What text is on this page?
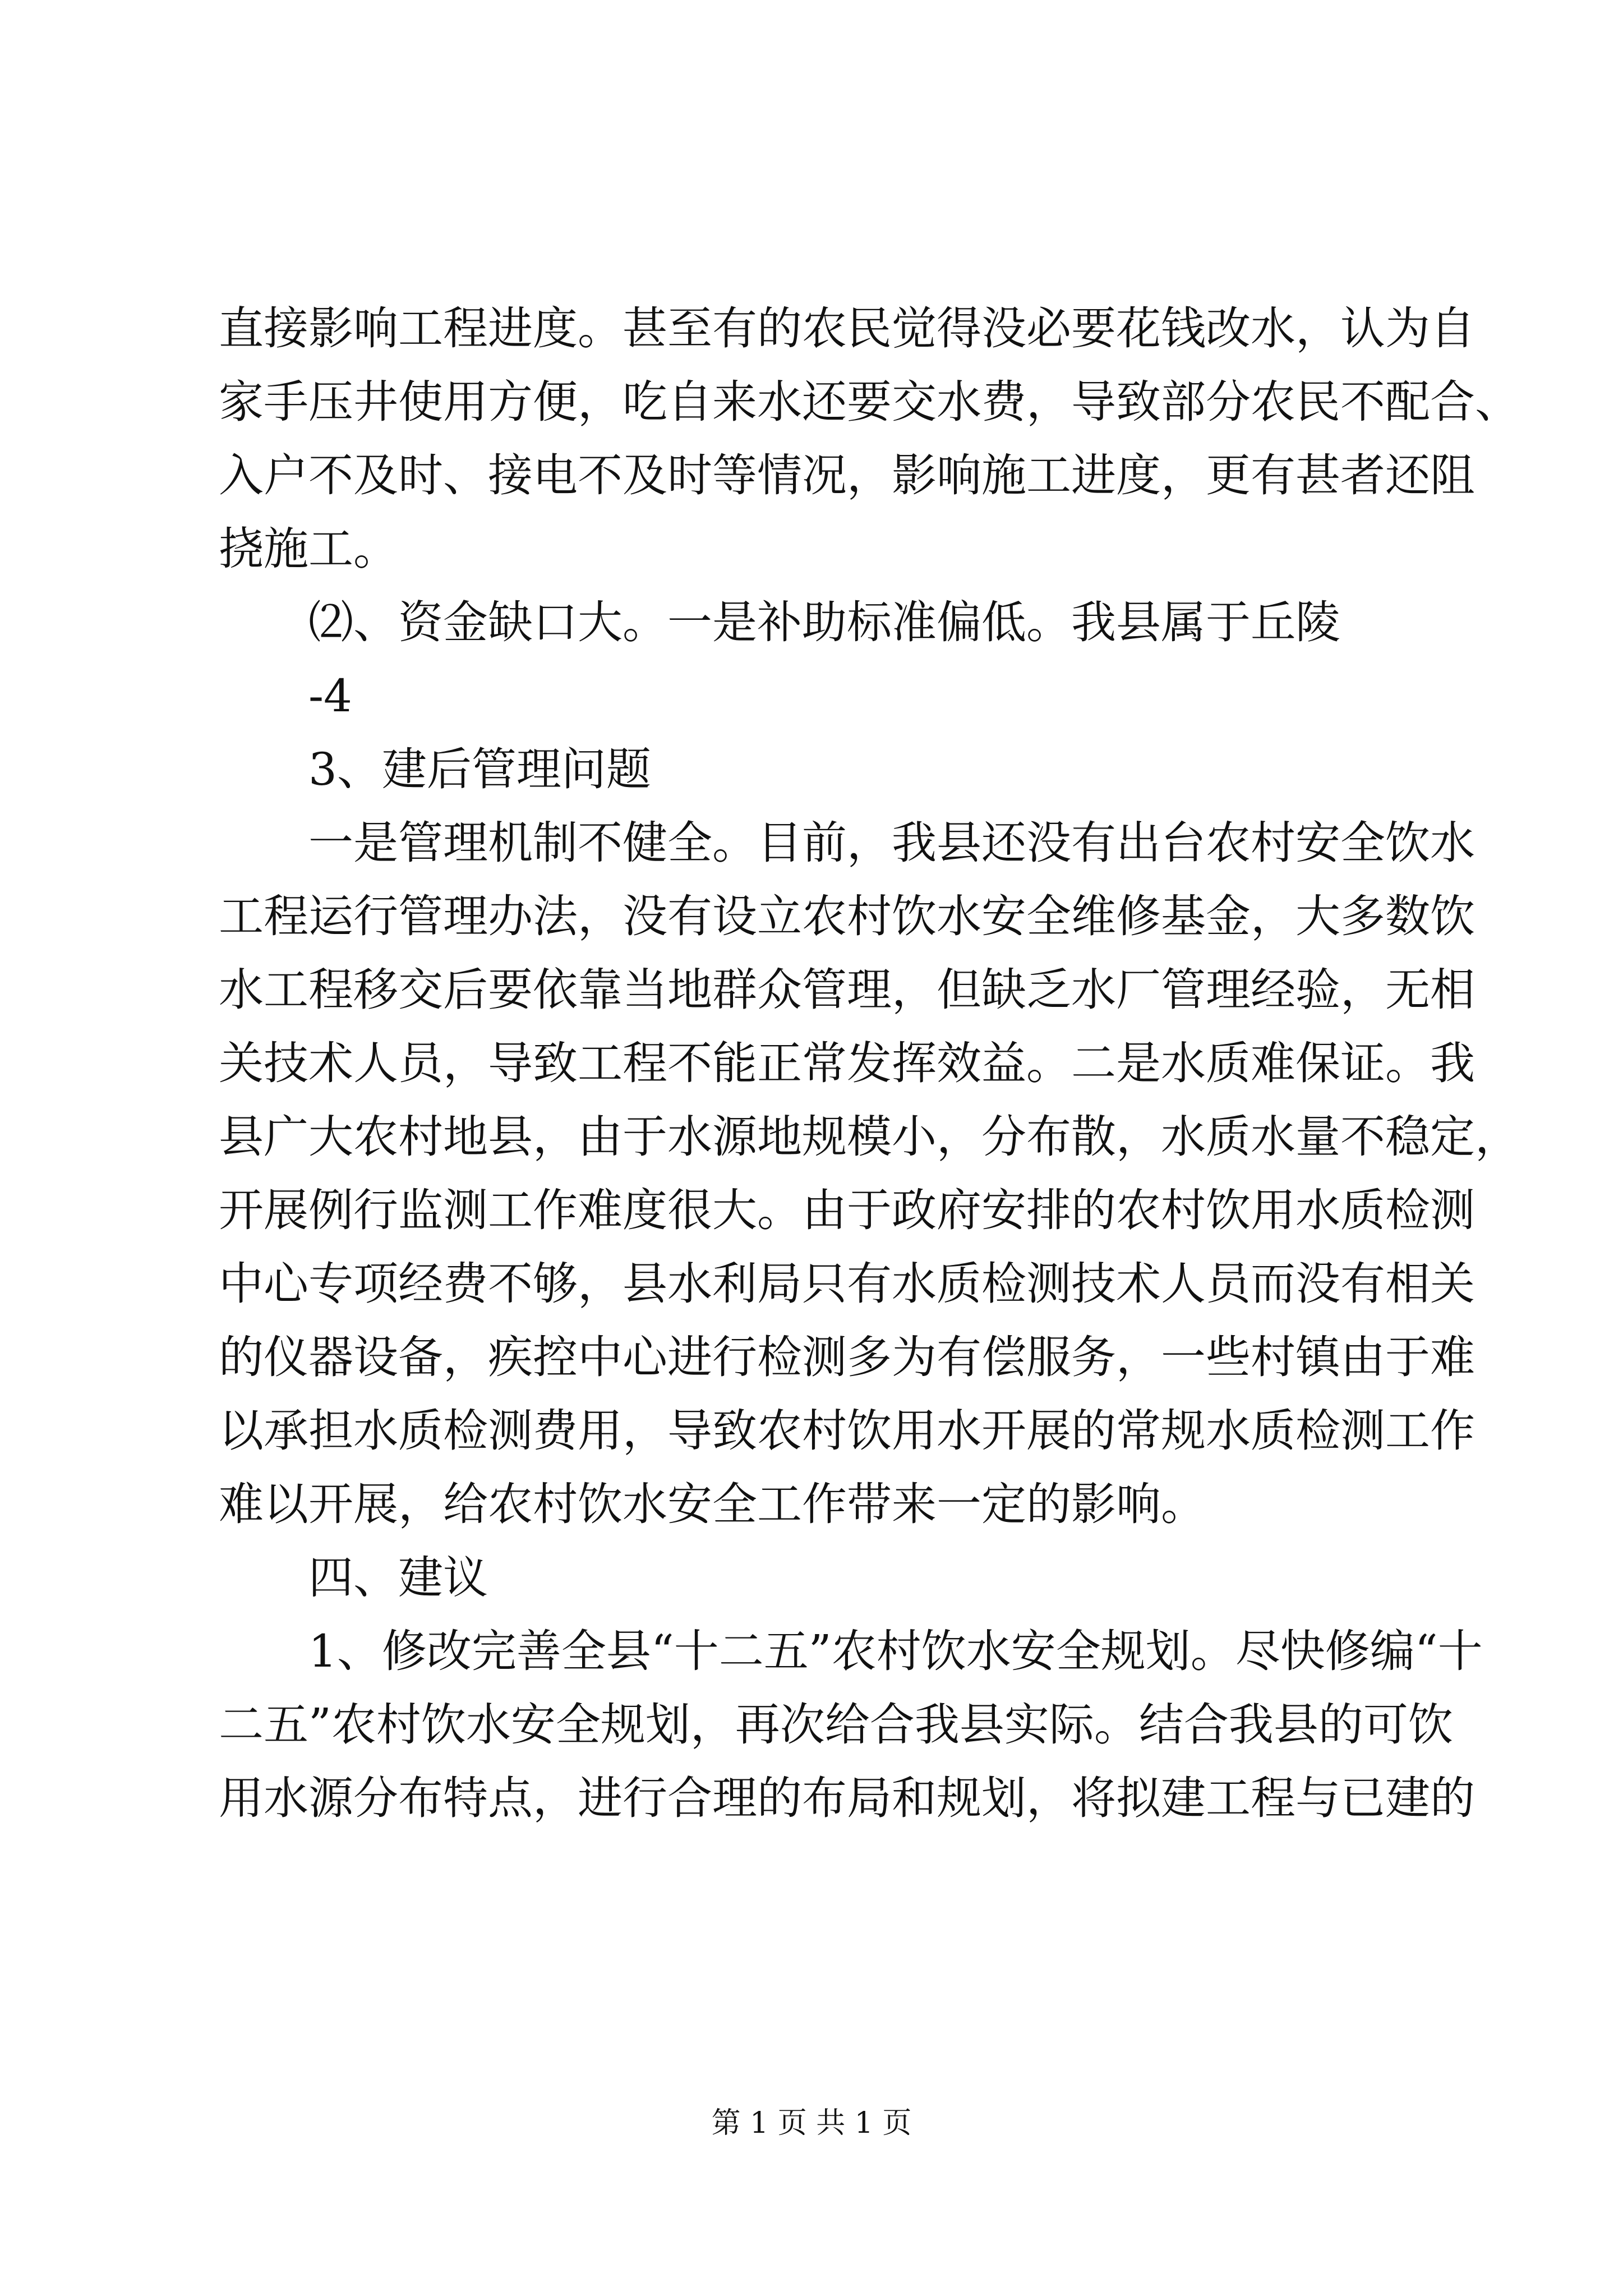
直接影响工程进度。甚至有的农民觉得没必要花钱改水，认为自
家手压井使用方便，吃自来水还要交水费，导致部分农民不配合、
入户不及时、接电不及时等情况，影响施工进度，更有甚者还阻
挠施工。
⑵、资金缺口大。一是补助标准偏低。我县属于丘陵
-4
3、建后管理问题
一是管理机制不健全。目前，我县还没有出台农村安全饮水
工程运行管理办法，没有设立农村饮水安全维修基金，大多数饮
水工程移交后要依靠当地群众管理，但缺乏水厂管理经验，无相
关技术人员，导致工程不能正常发挥效益。二是水质难保证。我
县广大农村地县，由于水源地规模小，分布散，水质水量不稳定，
开展例行监测工作难度很大。由于政府安排的农村饮用水质检测
中心专项经费不够，县水利局只有水质检测技术人员而没有相关
的仪器设备，疾控中心进行检测多为有偿服务，一些村镇由于难
以承担水质检测费用，导致农村饮用水开展的常规水质检测工作
难以开展，给农村饮水安全工作带来一定的影响。
四、建议
1、修改完善全县“十二五”农村饮水安全规划。尽快修编“十
二五”农村饮水安全规划，再次给合我县实际。结合我县的可饮
用水源分布特点，进行合理的布局和规划，将拟建工程与已建的
第 1 页 共 1 页
